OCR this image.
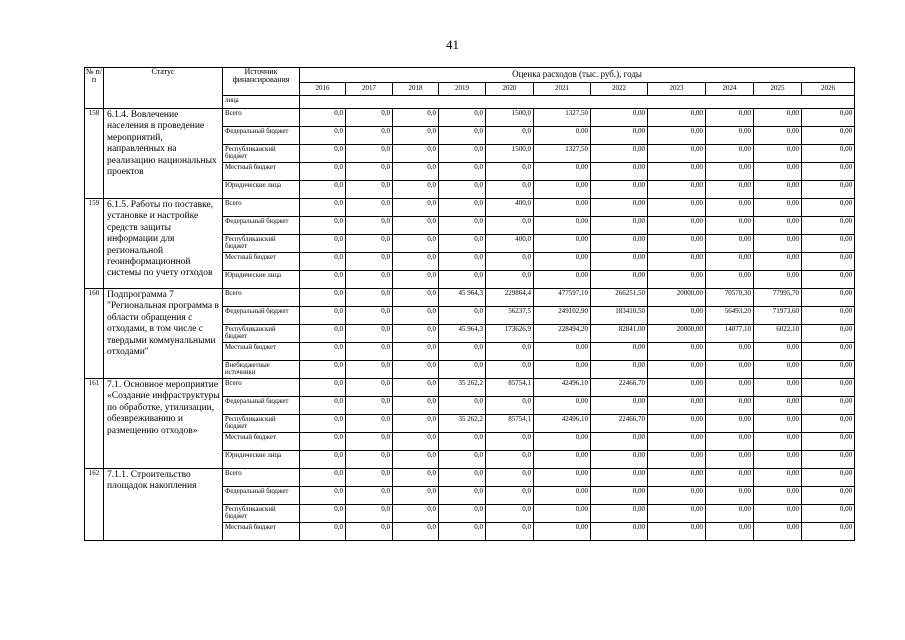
41
№ п/п	Статус	Источник финансирования	Оценка расходов (тыс. руб.), годы										
			2016	2017	2018	2019	2020	2021	2022	2023	2024	2025	2026
		лица											
158	6.1.4. Вовлечение населения в проведение мероприятий, направленных на реализацию национальных проектов	Всего	0,0	0,0	0,0	0,0	1500,0	1327,50	0,00	0,00	0,00	0,00	0,00
		Федеральный бюджет	0,0	0,0	0,0	0,0	0,0	0,00	0,00	0,00	0,00	0,00	0,00
		Республиканский бюджет	0,0	0,0	0,0	0,0	1500,0	1327,50	0,00	0,00	0,00	0,00	0,00
		Местный бюджет	0,0	0,0	0,0	0,0	0,0	0,00	0,00	0,00	0,00	0,00	0,00
		Юридические лица	0,0	0,0	0,0	0,0	0,0	0,00	0,00	0,00	0,00	0,00	0,00
159	6.1.5. Работы по поставке, установке и настройке средств защиты информации для региональной геоинформационной системы по учету отходов	Всего	0,0	0,0	0,0	0,0	400,0	0,00	0,00	0,00	0,00	0,00	0,00
		Федеральный бюджет	0,0	0,0	0,0	0,0	0,0	0,00	0,00	0,00	0,00	0,00	0,00
		Республиканский бюджет	0,0	0,0	0,0	0,0	400,0	0,00	0,00	0,00	0,00	0,00	0,00
		Местный бюджет	0,0	0,0	0,0	0,0	0,0	0,00	0,00	0,00	0,00	0,00	0,00
		Юридические лица	0,0	0,0	0,0	0,0	0,0	0,00	0,00	0,00	0,00	0,00	0,00
160	Подпрограмма 7 "Региональная программа в области обращения с отходами, в том числе с твердыми коммунальными отходами"	Всего	0,0	0,0	0,0	45 964,3	229864,4	477597,10	266251,50	20000,00	70570,30	77995,70	0,00
		Федеральный бюджет	0,0	0,0	0,0	0,0	56237,5	249102,90	183410,50	0,00	56493,20	71973,60	0,00
		Республиканский бюджет	0,0	0,0	0,0	45 964,3	173626,9	228494,20	82841,00	20000,00	14077,10	6022,10	0,00
		Местный бюджет	0,0	0,0	0,0	0,0	0,0	0,00	0,00	0,00	0,00	0,00	0,00
		Внебюджетные источники	0,0	0,0	0,0	0,0	0,0	0,00	0,00	0,00	0,00	0,00	0,00
161	7.1. Основное мероприятие «Создание инфраструктуры по обработке, утилизации, обезвреживанию и размещению отходов»	Всего	0,0	0,0	0,0	35 262,2	85754,1	42496,10	22466,70	0,00	0,00	0,00	0,00
		Федеральный бюджет	0,0	0,0	0,0	0,0	0,0	0,00	0,00	0,00	0,00	0,00	0,00
		Республиканский бюджет	0,0	0,0	0,0	35 262,2	85754,1	42496,10	22466,70	0,00	0,00	0,00	0,00
		Местный бюджет	0,0	0,0	0,0	0,0	0,0	0,00	0,00	0,00	0,00	0,00	0,00
		Юридические лица	0,0	0,0	0,0	0,0	0,0	0,00	0,00	0,00	0,00	0,00	0,00
162	7.1.1. Строительство площадок накопления	Всего	0,0	0,0	0,0	0,0	0,0	0,00	0,00	0,00	0,00	0,00	0,00
		Федеральный бюджет	0,0	0,0	0,0	0,0	0,0	0,00	0,00	0,00	0,00	0,00	0,00
		Республиканский бюджет	0,0	0,0	0,0	0,0	0,0	0,00	0,00	0,00	0,00	0,00	0,00
		Местный бюджет	0,0	0,0	0,0	0,0	0,0	0,00	0,00	0,00	0,00	0,00	0,00
